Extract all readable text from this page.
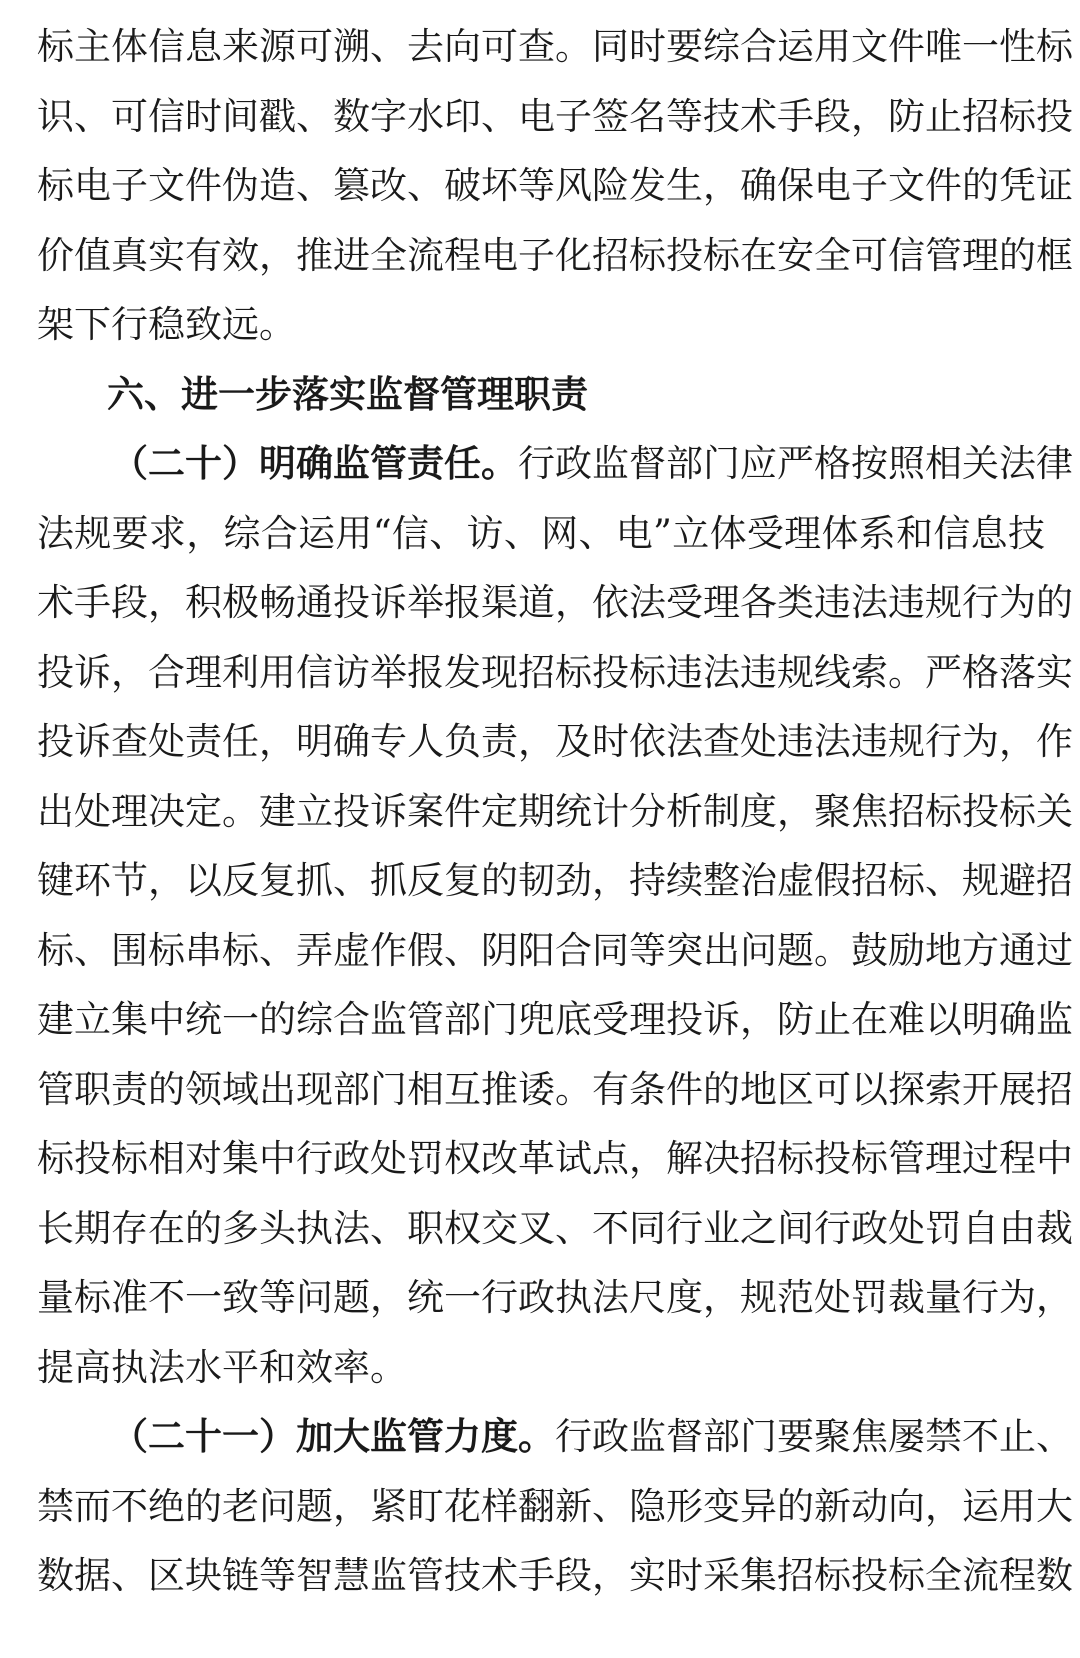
标主体信息来源可溯、去向可查。同时要综合运用文件唯一性标
识、可信时间戳、数字水印、电子签名等技术手段，防止招标投
标电子文件伪造、篡改、破坏等风险发生，确保电子文件的凭证
价值真实有效，推进全流程电子化招标投标在安全可信管理的框
架下行稳致远。
六、进一步落实监督管理职责
（二十）明确监管责任。行政监督部门应严格按照相关法律
法规要求，综合运用“信、访、网、电”立体受理体系和信息技
术手段，积极畅通投诉举报渠道，依法受理各类违法违规行为的
投诉，合理利用信访举报发现招标投标违法违规线索。严格落实
投诉查处责任，明确专人负责，及时依法查处违法违规行为，作
出处理决定。建立投诉案件定期统计分析制度，聚焦招标投标关
键环节，以反复抓、抓反复的韧劲，持续整治虚假招标、规避招
标、围标串标、弄虚作假、阴阳合同等突出问题。鼓励地方通过
建立集中统一的综合监管部门兜底受理投诉，防止在难以明确监
管职责的领域出现部门相互推诿。有条件的地区可以探索开展招
标投标相对集中行政处罚权改革试点，解决招标投标管理过程中
长期存在的多头执法、职权交叉、不同行业之间行政处罚自由裁
量标准不一致等问题，统一行政执法尺度，规范处罚裁量行为，
提高执法水平和效率。
（二十一）加大监管力度。行政监督部门要聚焦屡禁不止、
禁而不绝的老问题，紧盯花样翻新、隐形变异的新动向，运用大
数据、区块链等智慧监管技术手段，实时采集招标投标全流程数
